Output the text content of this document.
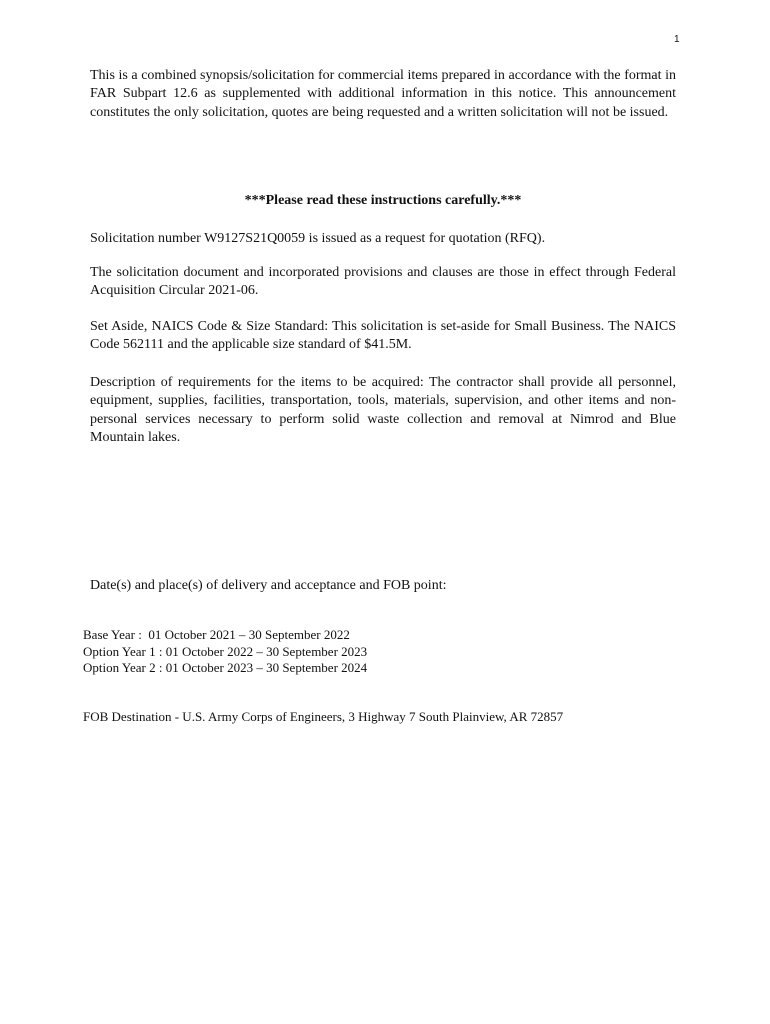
1

This is a combined synopsis/solicitation for commercial items prepared in accordance with the format in FAR Subpart 12.6 as supplemented with additional information in this notice. This announcement constitutes the only solicitation, quotes are being requested and a written solicitation will not be issued.

***Please read these instructions carefully.***

Solicitation number W9127S21Q0059 is issued as a request for quotation (RFQ).

The solicitation document and incorporated provisions and clauses are those in effect through Federal Acquisition Circular 2021-06.

Set Aside, NAICS Code & Size Standard: This solicitation is set-aside for Small Business. The NAICS Code 562111 and the applicable size standard of $41.5M.

Description of requirements for the items to be acquired: The contractor shall provide all personnel, equipment, supplies, facilities, transportation, tools, materials, supervision, and other items and non-personal services necessary to perform solid waste collection and removal at Nimrod and Blue Mountain lakes.

Date(s) and place(s) of delivery and acceptance and FOB point:

Base Year :  01 October 2021 – 30 September 2022
Option Year 1 : 01 October 2022 – 30 September 2023
Option Year 2 : 01 October 2023 – 30 September 2024

FOB Destination - U.S. Army Corps of Engineers, 3 Highway 7 South Plainview, AR 72857
